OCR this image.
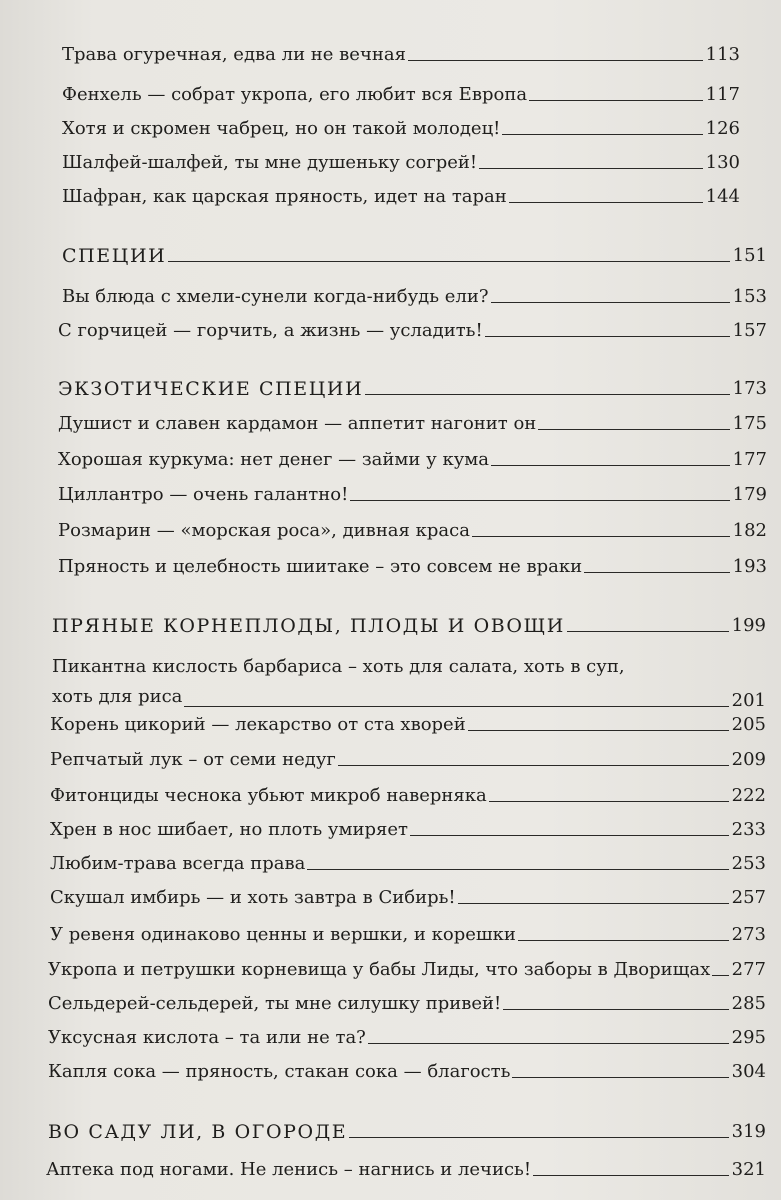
Трава огуречная, едва ли не вечная	113
Фенхель — собрат укропа, его любит вся Европа	117
Хотя и скромен чабрец, но он такой молодец!	126
Шалфей-шалфей, ты мне душеньку согрей!	130
Шафран, как царская пряность, идет на таран	144
СПЕЦИИ	151
Вы блюда с хмели-сунели когда-нибудь ели?	153
С горчицей — горчить, а жизнь — усладить!	157
ЭКЗОТИЧЕСКИЕ СПЕЦИИ	173
Душист и славен кардамон — аппетит нагонит он	175
Хорошая куркума: нет денег — займи у кума	177
Циллантро — очень галантно!	179
Розмарин — «морская роса», дивная краса	182
Пряность и целебность шиитаке – это совсем не враки	193
ПРЯНЫЕ КОРНЕПЛОДЫ, ПЛОДЫ И ОВОЩИ	199
Пикантна кислость барбариса – хоть для салата, хоть в суп,
хоть для риса	201
Корень цикорий — лекарство от ста хворей	205
Репчатый лук – от семи недуг	209
Фитонциды чеснока убьют микроб наверняка	222
Хрен в нос шибает, но плоть умиряет	233
Любим-трава всегда права	253
Скушал имбирь — и хоть завтра в Сибирь!	257
У ревеня одинаково ценны и вершки, и корешки	273
Укропа и петрушки корневища у бабы Лиды, что заборы в Дворищах 277
Сельдерей-сельдерей, ты мне силушку привей!	285
Уксусная кислота – та или не та?	295
Капля сока — пряность, стакан сока — благость	304
ВО САДУ ЛИ, В ОГОРОДЕ	319
Аптека под ногами. Не ленись – нагнись и лечись!	321
